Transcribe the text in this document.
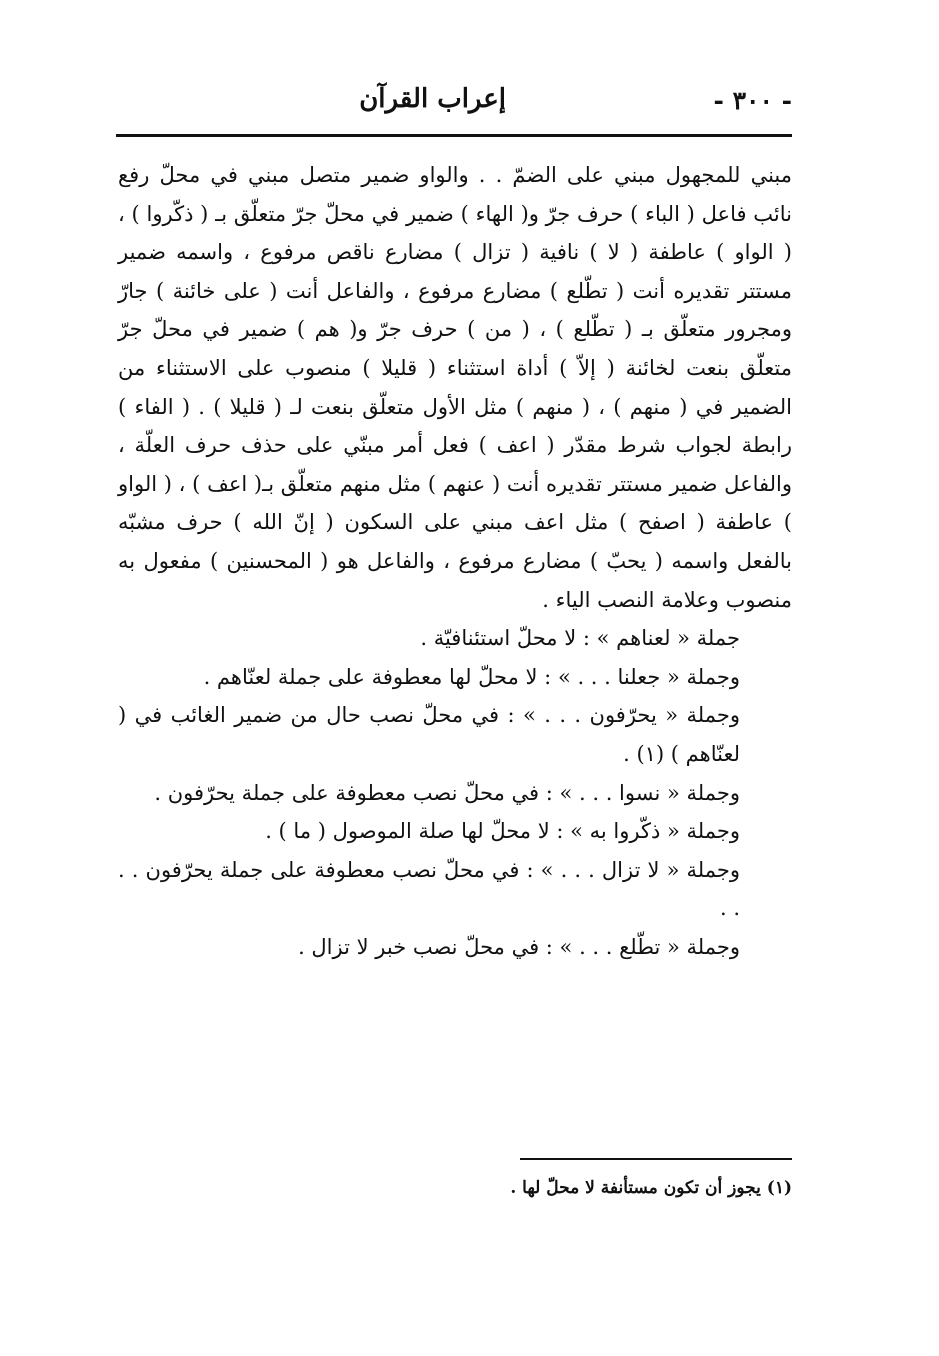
إعراب القرآن	- ٣٠٠ -

مبني للمجهول مبني على الضمّ . . والواو ضمير متصل مبني في محلّ رفع نائب فاعل ( الباء ) حرف جرّ و( الهاء ) ضمير في محلّ جرّ متعلّق بـ ( ذكّروا ) ، ( الواو ) عاطفة ( لا ) نافية ( تزال ) مضارع ناقص مرفوع ، واسمه ضمير مستتر تقديره أنت ( تطّلع ) مضارع مرفوع ، والفاعل أنت ( على خائنة ) جارّ ومجرور متعلّق بـ ( تطّلع ) ، ( من ) حرف جرّ و( هم ) ضمير في محلّ جرّ متعلّق بنعت لخائنة ( إلاّ ) أداة استثناء ( قليلا ) منصوب على الاستثناء من الضمير في ( منهم ) ، ( منهم ) مثل الأول متعلّق بنعت لـ ( قليلا ) . ( الفاء ) رابطة لجواب شرط مقدّر ( اعف ) فعل أمر مبنّي على حذف حرف العلّة ، والفاعل ضمير مستتر تقديره أنت ( عنهم ) مثل منهم متعلّق بـ( اعف ) ، ( الواو ) عاطفة ( اصفح ) مثل اعف مبني على السكون ( إنّ الله ) حرف مشبّه بالفعل واسمه ( يحبّ ) مضارع مرفوع ، والفاعل هو ( المحسنين ) مفعول به منصوب وعلامة النصب الياء .

جملة « لعناهم » : لا محلّ استئنافيّة .

وجملة « جعلنا . . . » : لا محلّ لها معطوفة على جملة لعنّاهم .

وجملة « يحرّفون . . . » : في محلّ نصب حال من ضمير الغائب في ( لعنّاهم ) (١) .

وجملة « نسوا . . . » : في محلّ نصب معطوفة على جملة يحرّفون .

وجملة « ذكّروا به » : لا محلّ لها صلة الموصول ( ما ) .

وجملة « لا تزال . . . » : في محلّ نصب معطوفة على جملة يحرّفون . . . .

وجملة « تطّلع . . . » : في محلّ نصب خبر لا تزال .

(١) يجوز أن تكون مستأنفة لا محلّ لها .
